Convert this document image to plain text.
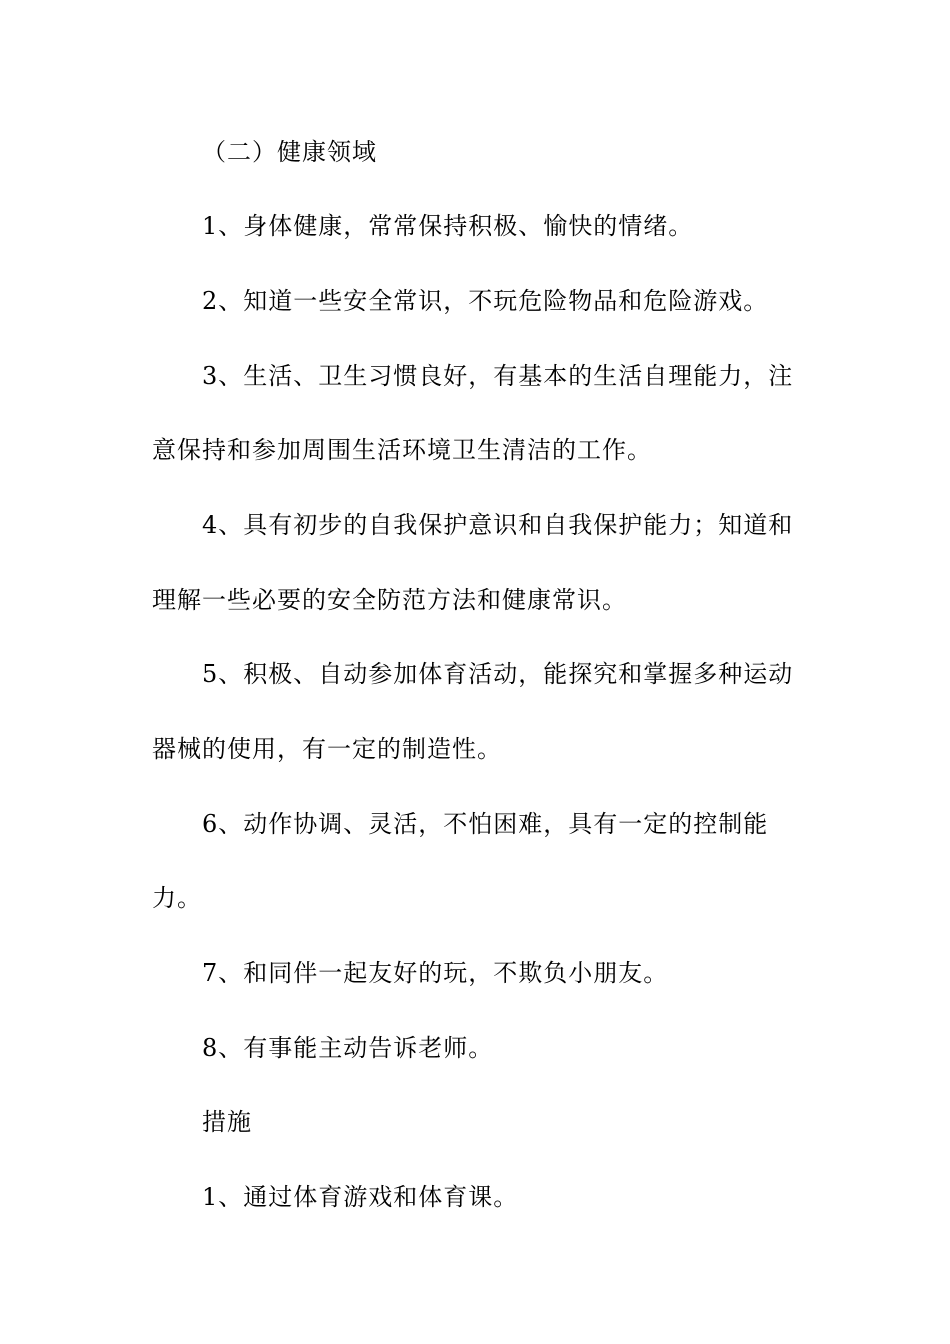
（二）健康领域
1、身体健康，常常保持积极、愉快的情绪。
2、知道一些安全常识，不玩危险物品和危险游戏。
3、生活、卫生习惯良好，有基本的生活自理能力，注
意保持和参加周围生活环境卫生清洁的工作。
4、具有初步的自我保护意识和自我保护能力；知道和
理解一些必要的安全防范方法和健康常识。
5、积极、自动参加体育活动，能探究和掌握多种运动
器械的使用，有一定的制造性。
6、动作协调、灵活，不怕困难，具有一定的控制能
力。
7、和同伴一起友好的玩，不欺负小朋友。
8、有事能主动告诉老师。
措施
1、通过体育游戏和体育课。
